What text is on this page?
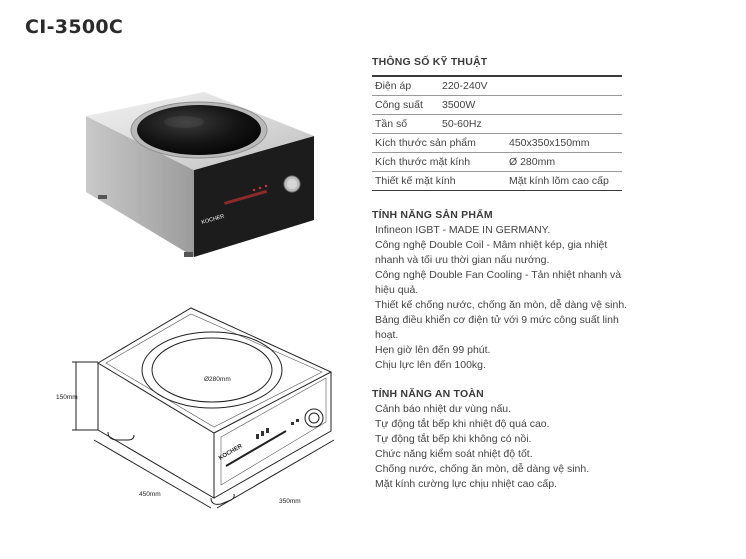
CI-3500C
KOCHER
KOCHER
Ø280mm
150mm
450mm
350mm
THÔNG SỐ KỸ THUẬT
Điện áp	220-240V
Công suất 3500W
Tần số	50-60Hz
Kích thước sản phẩm	450x350x150mm
Kích thước mặt kính	Ø 280mm
Thiết kế mặt kính	Mặt kính lõm cao cấp
TÍNH NĂNG SẢN PHẨM
Infineon IGBT - MADE IN GERMANY.
Công nghệ Double Coil - Mâm nhiệt kép, gia nhiệt
nhanh và tối ưu thời gian nấu nướng.
Công nghệ Double Fan Cooling - Tản nhiệt nhanh và
hiệu quả.
Thiết kế chống nước, chống ăn mòn, dễ dàng vệ sinh.
Bảng điều khiển cơ điện tử với 9 mức công suất linh
hoạt.
Hẹn giờ lên đến 99 phút.
Chịu lực lên đến 100kg.
TÍNH NĂNG AN TOÀN
Cảnh báo nhiệt dư vùng nấu.
Tự động tắt bếp khi nhiệt độ quá cao.
Tự động tắt bếp khi không có nồi.
Chức năng kiểm soát nhiệt độ tốt.
Chống nước, chống ăn mòn, dễ dàng vệ sinh.
Mặt kính cường lực chịu nhiệt cao cấp.
